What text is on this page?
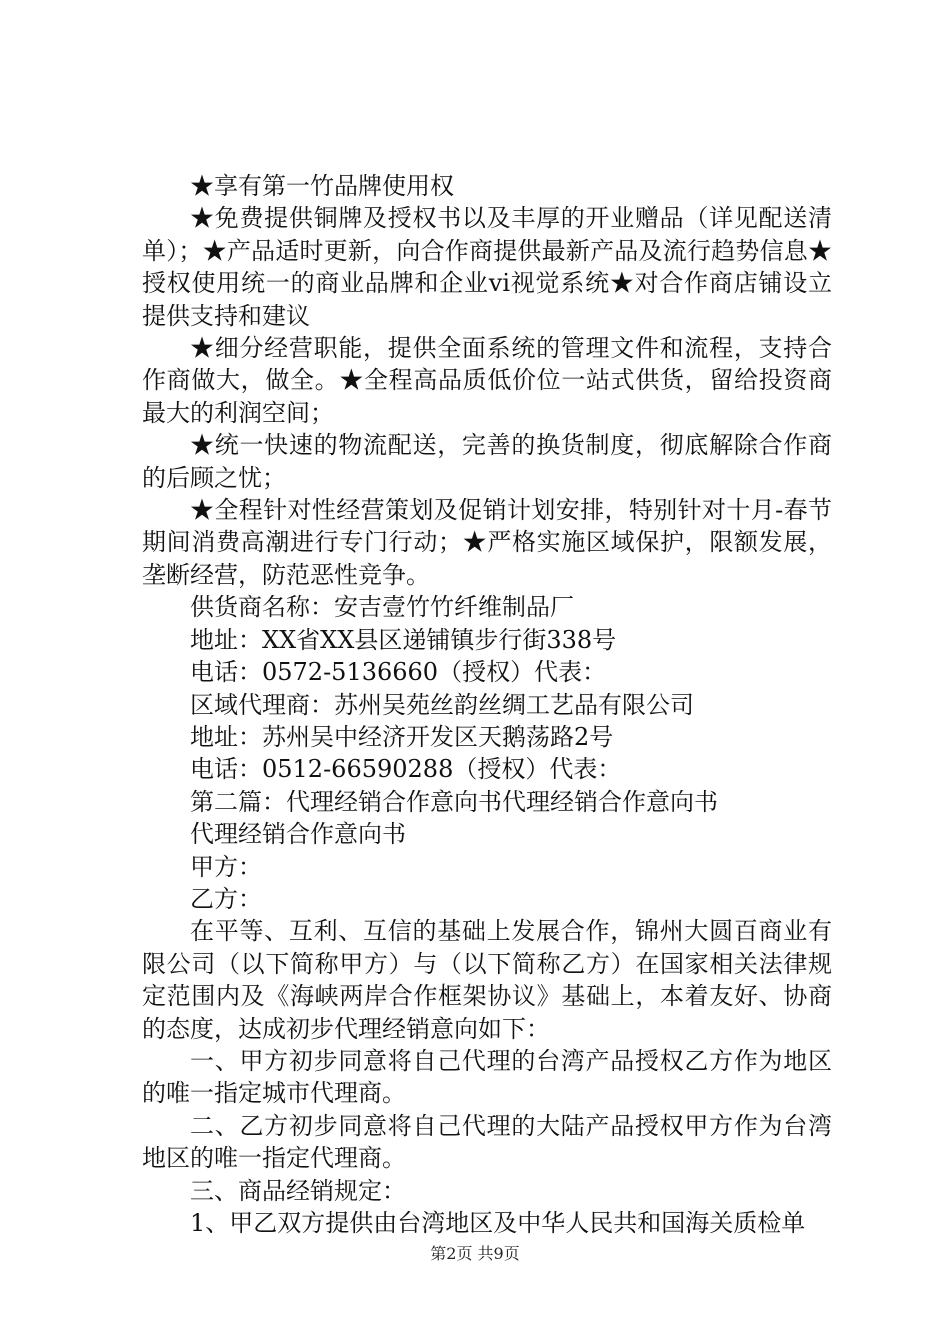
★享有第一竹品牌使用权

★免费提供铜牌及授权书以及丰厚的开业赠品（详见配送清单）；★产品适时更新，向合作商提供最新产品及流行趋势信息★授权使用统一的商业品牌和企业vi视觉系统★对合作商店铺设立提供支持和建议

★细分经营职能，提供全面系统的管理文件和流程，支持合作商做大，做全。★全程高品质低价位一站式供货，留给投资商最大的利润空间；

★统一快速的物流配送，完善的换货制度，彻底解除合作商的后顾之忧；

★全程针对性经营策划及促销计划安排，特别针对十月-春节期间消费高潮进行专门行动；★严格实施区域保护，限额发展，垄断经营，防范恶性竞争。

供货商名称：安吉壹竹竹纤维制品厂

地址：XX省XX县区递铺镇步行街338号

电话：0572-5136660（授权）代表：

区域代理商：苏州吴苑丝韵丝绸工艺品有限公司

地址：苏州吴中经济开发区天鹅荡路2号

电话：0512-66590288（授权）代表：

第二篇：代理经销合作意向书代理经销合作意向书

代理经销合作意向书

甲方：

乙方：

在平等、互利、互信的基础上发展合作，锦州大圆百商业有限公司（以下简称甲方）与（以下简称乙方）在国家相关法律规定范围内及《海峡两岸合作框架协议》基础上，本着友好、协商的态度，达成初步代理经销意向如下：

一、甲方初步同意将自己代理的台湾产品授权乙方作为地区的唯一指定城市代理商。

二、乙方初步同意将自己代理的大陆产品授权甲方作为台湾地区的唯一指定代理商。

三、商品经销规定：

1、甲乙双方提供由台湾地区及中华人民共和国海关质检单

第2页 共9页
